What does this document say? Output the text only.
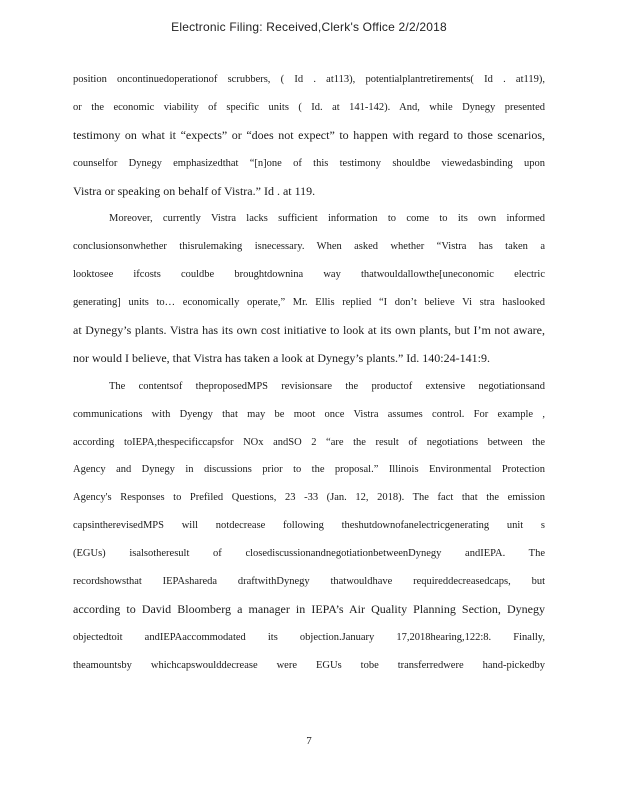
Electronic Filing: Received,Clerk's Office 2/2/2018
position oncontinuedoperationof scrubbers, ( Id . at113), potentialplantretirements( Id . at119),
or the economic viability of specific units ( Id. at 141-142). And, while Dynegy presented
testimony on what it “expects” or “does not expect” to happen with regard to those scenarios,
counselfor Dynegy emphasizedthat “[n]one of this testimony shouldbe viewedasbinding upon
Vistra or speaking on behalf of Vistra.” Id . at 119.
Moreover, currently Vistra lacks sufficient information to come to its own informed
conclusionsonwhether thisrulemaking isnecessary. When asked whether “Vistra has taken a
looktosee ifcosts couldbe broughtdownina way thatwouldallowthe[uneconomic electric
generating] units to… economically operate,” Mr. Ellis replied “I don’t believe Vi stra haslooked
at Dynegy’s plants. Vistra has its own cost initiative to look at its own plants, but I’m not aware,
nor would I believe, that Vistra has taken a look at Dynegy’s plants.” Id. 140:24-141:9.
The contentsof theproposedMPS revisionsare the productof extensive negotiationsand
communications with Dyengy that may be moot once Vistra assumes control. For example ,
according toIEPA,thespecificcapsfor NOx andSO 2 “are the result of negotiations between the
Agency and Dynegy in discussions prior to the proposal.” Illinois Environmental Protection
Agency's Responses to Prefiled Questions, 23 -33 (Jan. 12, 2018). The fact that the emission
capsintherevisedMPS will notdecrease following theshutdownofanelectricgenerating unit s
(EGUs) isalsotheresult of closediscussionandnegotiationbetweenDynegy andIEPA. The
recordshowsthat IEPAshareda draftwithDynegy thatwouldhave requireddecreasedcaps, but
according to David Bloomberg a manager in IEPA’s Air Quality Planning Section, Dynegy
objectedtoit andIEPAaccommodated its objection.January 17,2018hearing,122:8. Finally,
theamountsby whichcapswoulddecrease were EGUs tobe transferredwere hand-pickedby
7
